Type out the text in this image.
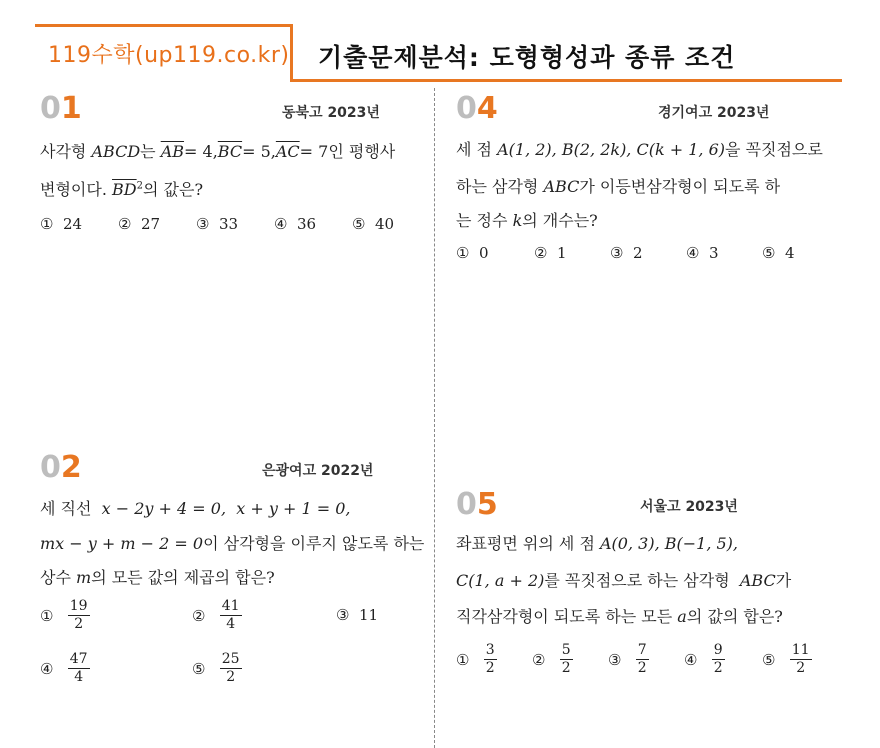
119수학(up119.co.kr) 기출문제분석: 도형형성과 종류 조건
01	동북고 2023년
사각형 ABCD는 $\overline{AB}= 4,\overline{BC}= 5,\overline{AC}= 7$인 평행사
변형이다. $\overline{BD}^2$의 값은?
①
24 ②
27 ③
33 ④
36 ⑤
40
04	경기여고 2023년
세 점 A(1, 2), B(2, 2k), C(k + 1, 6)을 꼭짓점으로
하는 삼각형 ABC가 이등변삼각형이 되도록 하
는 정수 k의 개수는?
①
0	②
1	③
2	④
3	⑤
4
02	은광여고 2022년
세 직선 x − 2y + 4 = 0, x + y + 1 = 0,
mx − y + m − 2 = 0이 삼각형을 이루지 않도록 하는
상수 m의 모든 값의 제곱의 합은?
①
$\frac{19}{2}$	②
$\frac{41}{4}$	③
11
④
$\frac{47}{4}$	⑤
$\frac{25}{2}$
05	서울고 2023년
좌표평면 위의 세 점 A(0, 3), B(−1, 5),
C(1, a + 2)를 꼭짓점으로 하는 삼각형 ABC가
직각삼각형이 되도록 하는 모든 a의 값의 합은?
①
$\frac{3}{2}$ ②
$\frac{5}{2}$ ③
$\frac{7}{2}$ ④
$\frac{9}{2}$ ⑤
$\frac{11}{2}$
